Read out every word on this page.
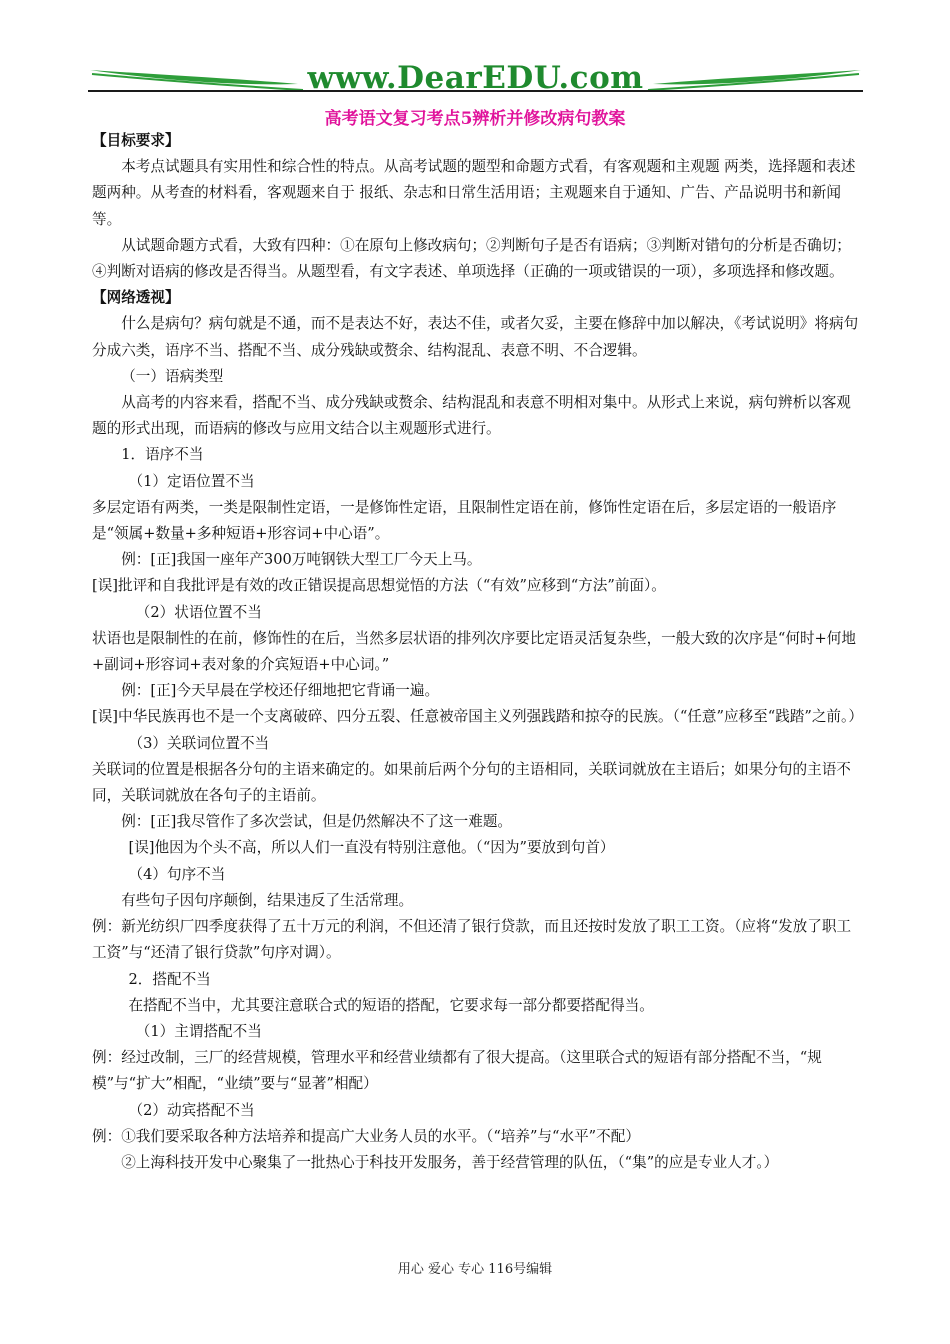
www.DearEDU.com
高考语文复习考点5辨析并修改病句教案

【目标要求】

本考点试题具有实用性和综合性的特点。从高考试题的题型和命题方式看，有客观题和主观题 两类，选择题和表述题两种。从考查的材料看，客观题来自于 报纸、杂志和日常生活用语；主观题来自于通知、广告、产品说明书和新闻等。

从试题命题方式看，大致有四种：①在原句上修改病句；②判断句子是否有语病；③判断对错句的分析是否确切；④判断对语病的修改是否得当。从题型看，有文字表述、单项选择（正确的一项或错误的一项），多项选择和修改题。

【网络透视】

什么是病句？病句就是不通，而不是表达不好，表达不佳，或者欠妥，主要在修辞中加以解决，《考试说明》将病句分成六类，语序不当、搭配不当、成分残缺或赘余、结构混乱、表意不明、不合逻辑。

（一）语病类型

从高考的内容来看，搭配不当、成分残缺或赘余、结构混乱和表意不明相对集中。从形式上来说，病句辨析以客观题的形式出现，而语病的修改与应用文结合以主观题形式进行。

1．语序不当

（1）定语位置不当

多层定语有两类，一类是限制性定语，一是修饰性定语，且限制性定语在前，修饰性定语在后，多层定语的一般语序是“领属+数量+多种短语+形容词+中心语”。

例：[正]我国一座年产300万吨钢铁大型工厂今天上马。

[误]批评和自我批评是有效的改正错误提高思想觉悟的方法（“有效”应移到“方法”前面）。

（2）状语位置不当

状语也是限制性的在前，修饰性的在后，当然多层状语的排列次序要比定语灵活复杂些，一般大致的次序是“何时+何地+副词+形容词+表对象的介宾短语+中心词。”

例：[正]今天早晨在学校还仔细地把它背诵一遍。

[误]中华民族再也不是一个支离破碎、四分五裂、任意被帝国主义列强践踏和掠夺的民族。（“任意”应移至“践踏”之前。）

（3）关联词位置不当

关联词的位置是根据各分句的主语来确定的。如果前后两个分句的主语相同，关联词就放在主语后；如果分句的主语不同，关联词就放在各句子的主语前。

例：[正]我尽管作了多次尝试，但是仍然解决不了这一难题。

[误]他因为个头不高，所以人们一直没有特别注意他。（“因为”要放到句首）

（4）句序不当

有些句子因句序颠倒，结果违反了生活常理。

例：新光纺织厂四季度获得了五十万元的利润，不但还清了银行贷款，而且还按时发放了职工工资。（应将“发放了职工工资”与“还清了银行贷款”句序对调）。

2．搭配不当

在搭配不当中，尤其要注意联合式的短语的搭配，它要求每一部分都要搭配得当。

（1）主谓搭配不当

例：经过改制，三厂的经营规模，管理水平和经营业绩都有了很大提高。（这里联合式的短语有部分搭配不当，“规模”与“扩大”相配，“业绩”要与“显著”相配）

（2）动宾搭配不当

例：①我们要采取各种方法培养和提高广大业务人员的水平。（“培养”与“水平”不配）

②上海科技开发中心聚集了一批热心于科技开发服务，善于经营管理的队伍，（“集”的应是专业人才。）

用心 爱心 专心 116号编辑
